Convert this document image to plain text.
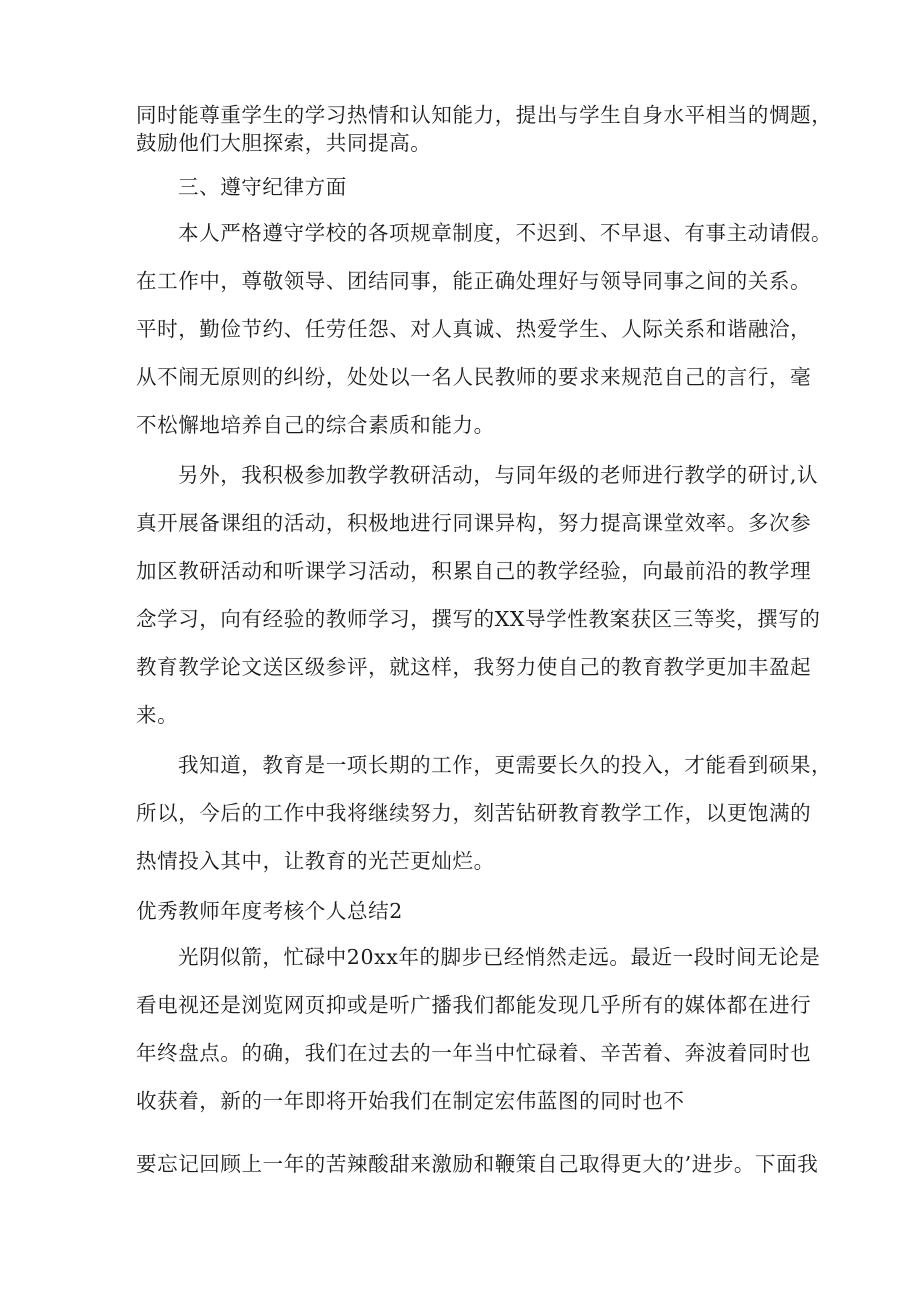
同时能尊重学生的学习热情和认知能力，提出与学生自身水平相当的惆题，
鼓励他们大胆探索，共同提高。
三、遵守纪律方面
本人严格遵守学校的各项规章制度，不迟到、不早退、有事主动请假。
在工作中，尊敬领导、团结同事，能正确处理好与领导同事之间的关系。
平时，勤俭节约、任劳任怨、对人真诚、热爱学生、人际关系和谐融洽，
从不闹无原则的纠纷，处处以一名人民教师的要求来规范自己的言行，毫
不松懈地培养自己的综合素质和能力。
另外，我积极参加教学教研活动，与同年级的老师进行教学的研讨,认
真开展备课组的活动，积极地进行同课异构，努力提高课堂效率。多次参
加区教研活动和听课学习活动，积累自己的教学经验，向最前沿的教学理
念学习，向有经验的教师学习，撰写的XX导学性教案获区三等奖，撰写的
教育教学论文送区级参评，就这样，我努力使自己的教育教学更加丰盈起
来。
我知道，教育是一项长期的工作，更需要长久的投入，才能看到硕果，
所以，今后的工作中我将继续努力，刻苦钻研教育教学工作，以更饱满的
热情投入其中，让教育的光芒更灿烂。
优秀教师年度考核个人总结2
光阴似箭，忙碌中20xx年的脚步已经悄然走远。最近一段时间无论是
看电视还是浏览网页抑或是听广播我们都能发现几乎所有的媒体都在进行
年终盘点。的确，我们在过去的一年当中忙碌着、辛苦着、奔波着同时也
收获着，新的一年即将开始我们在制定宏伟蓝图的同时也不
要忘记回顾上一年的苦辣酸甜来激励和鞭策自己取得更大的’进步。下面我
